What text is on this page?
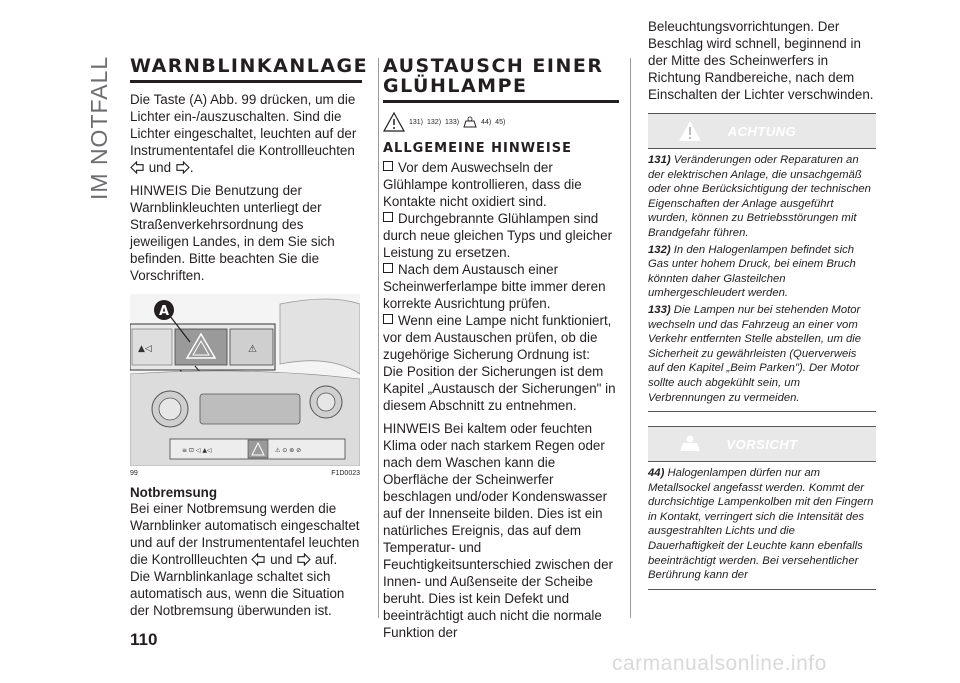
IM NOTFALL
110
WARNBLINKANLAGE

Die Taste (A) Abb. 99 drücken, um die Lichter ein-/auszuschalten. Sind die Lichter eingeschaltet, leuchten auf der Instrumententafel die Kontrollleuchten  und .

HINWEIS Die Benutzung der Warnblinkleuchten unterliegt der Straßenverkehrsordnung des jeweiligen Landes, in dem Sie sich befinden. Bitte beachten Sie die Vorschriften.

⚠
▲◁
A
≡ ⊡ ◁ ▲◁	⚠ ⊙ ⊛ ⊘
99	F1D0023
Notbremsung

Bei einer Notbremsung werden die Warnblinker automatisch eingeschaltet und auf der Instrumententafel leuchten die Kontrollleuchten und auf.

Die Warnblinkanlage schaltet sich automatisch aus, wenn die Situation der Notbremsung überwunden ist.

AUSTAUSCH EINER GLÜHLAMPE
131) 132) 133)	44) 45)
ALLGEMEINE HINWEISE

Vor dem Auswechseln der Glühlampe kontrollieren, dass die Kontakte nicht oxidiert sind.

Durchgebrannte Glühlampen sind durch neue gleichen Typs und gleicher Leistung zu ersetzen.

Nach dem Austausch einer Scheinwerferlampe bitte immer deren korrekte Ausrichtung prüfen.

Wenn eine Lampe nicht funktioniert, vor dem Austauschen prüfen, ob die zugehörige Sicherung Ordnung ist:

Die Position der Sicherungen ist dem Kapitel „Austausch der Sicherungen" in diesem Abschnitt zu entnehmen.

HINWEIS Bei kaltem oder feuchten Klima oder nach starkem Regen oder nach dem Waschen kann die Oberfläche der Scheinwerfer beschlagen und/oder Kondenswasser auf der Innenseite bilden. Dies ist ein natürliches Ereignis, das auf dem Temperatur- und Feuchtigkeitsunterschied zwischen der Innen- und Außenseite der Scheibe beruht. Dies ist kein Defekt und beeinträchtigt auch nicht die normale Funktion der

Beleuchtungsvorrichtungen. Der Beschlag wird schnell, beginnend in der Mitte des Scheinwerfers in Richtung Randbereiche, nach dem Einschalten der Lichter verschwinden.

ACHTUNG

131) Veränderungen oder Reparaturen an der elektrischen Anlage, die unsachgemäß oder ohne Berücksichtigung der technischen Eigenschaften der Anlage ausgeführt wurden, können zu Betriebsstörungen mit Brandgefahr führen.

132) In den Halogenlampen befindet sich Gas unter hohem Druck, bei einem Bruch könnten daher Glasteilchen umhergeschleudert werden.

133) Die Lampen nur bei stehenden Motor wechseln und das Fahrzeug an einer vom Verkehr entfernten Stelle abstellen, um die Sicherheit zu gewährleisten (Querverweis auf den Kapitel „Beim Parken"). Der Motor sollte auch abgekühlt sein, um Verbrennungen zu vermeiden.

VORSICHT

44) Halogenlampen dürfen nur am Metallsockel angefasst werden. Kommt der durchsichtige Lampenkolben mit den Fingern in Kontakt, verringert sich die Intensität des ausgestrahlten Lichts und die Dauerhaftigkeit der Leuchte kann ebenfalls beeinträchtigt werden. Bei versehentlicher Berührung kann der

carmanualsonline.info
